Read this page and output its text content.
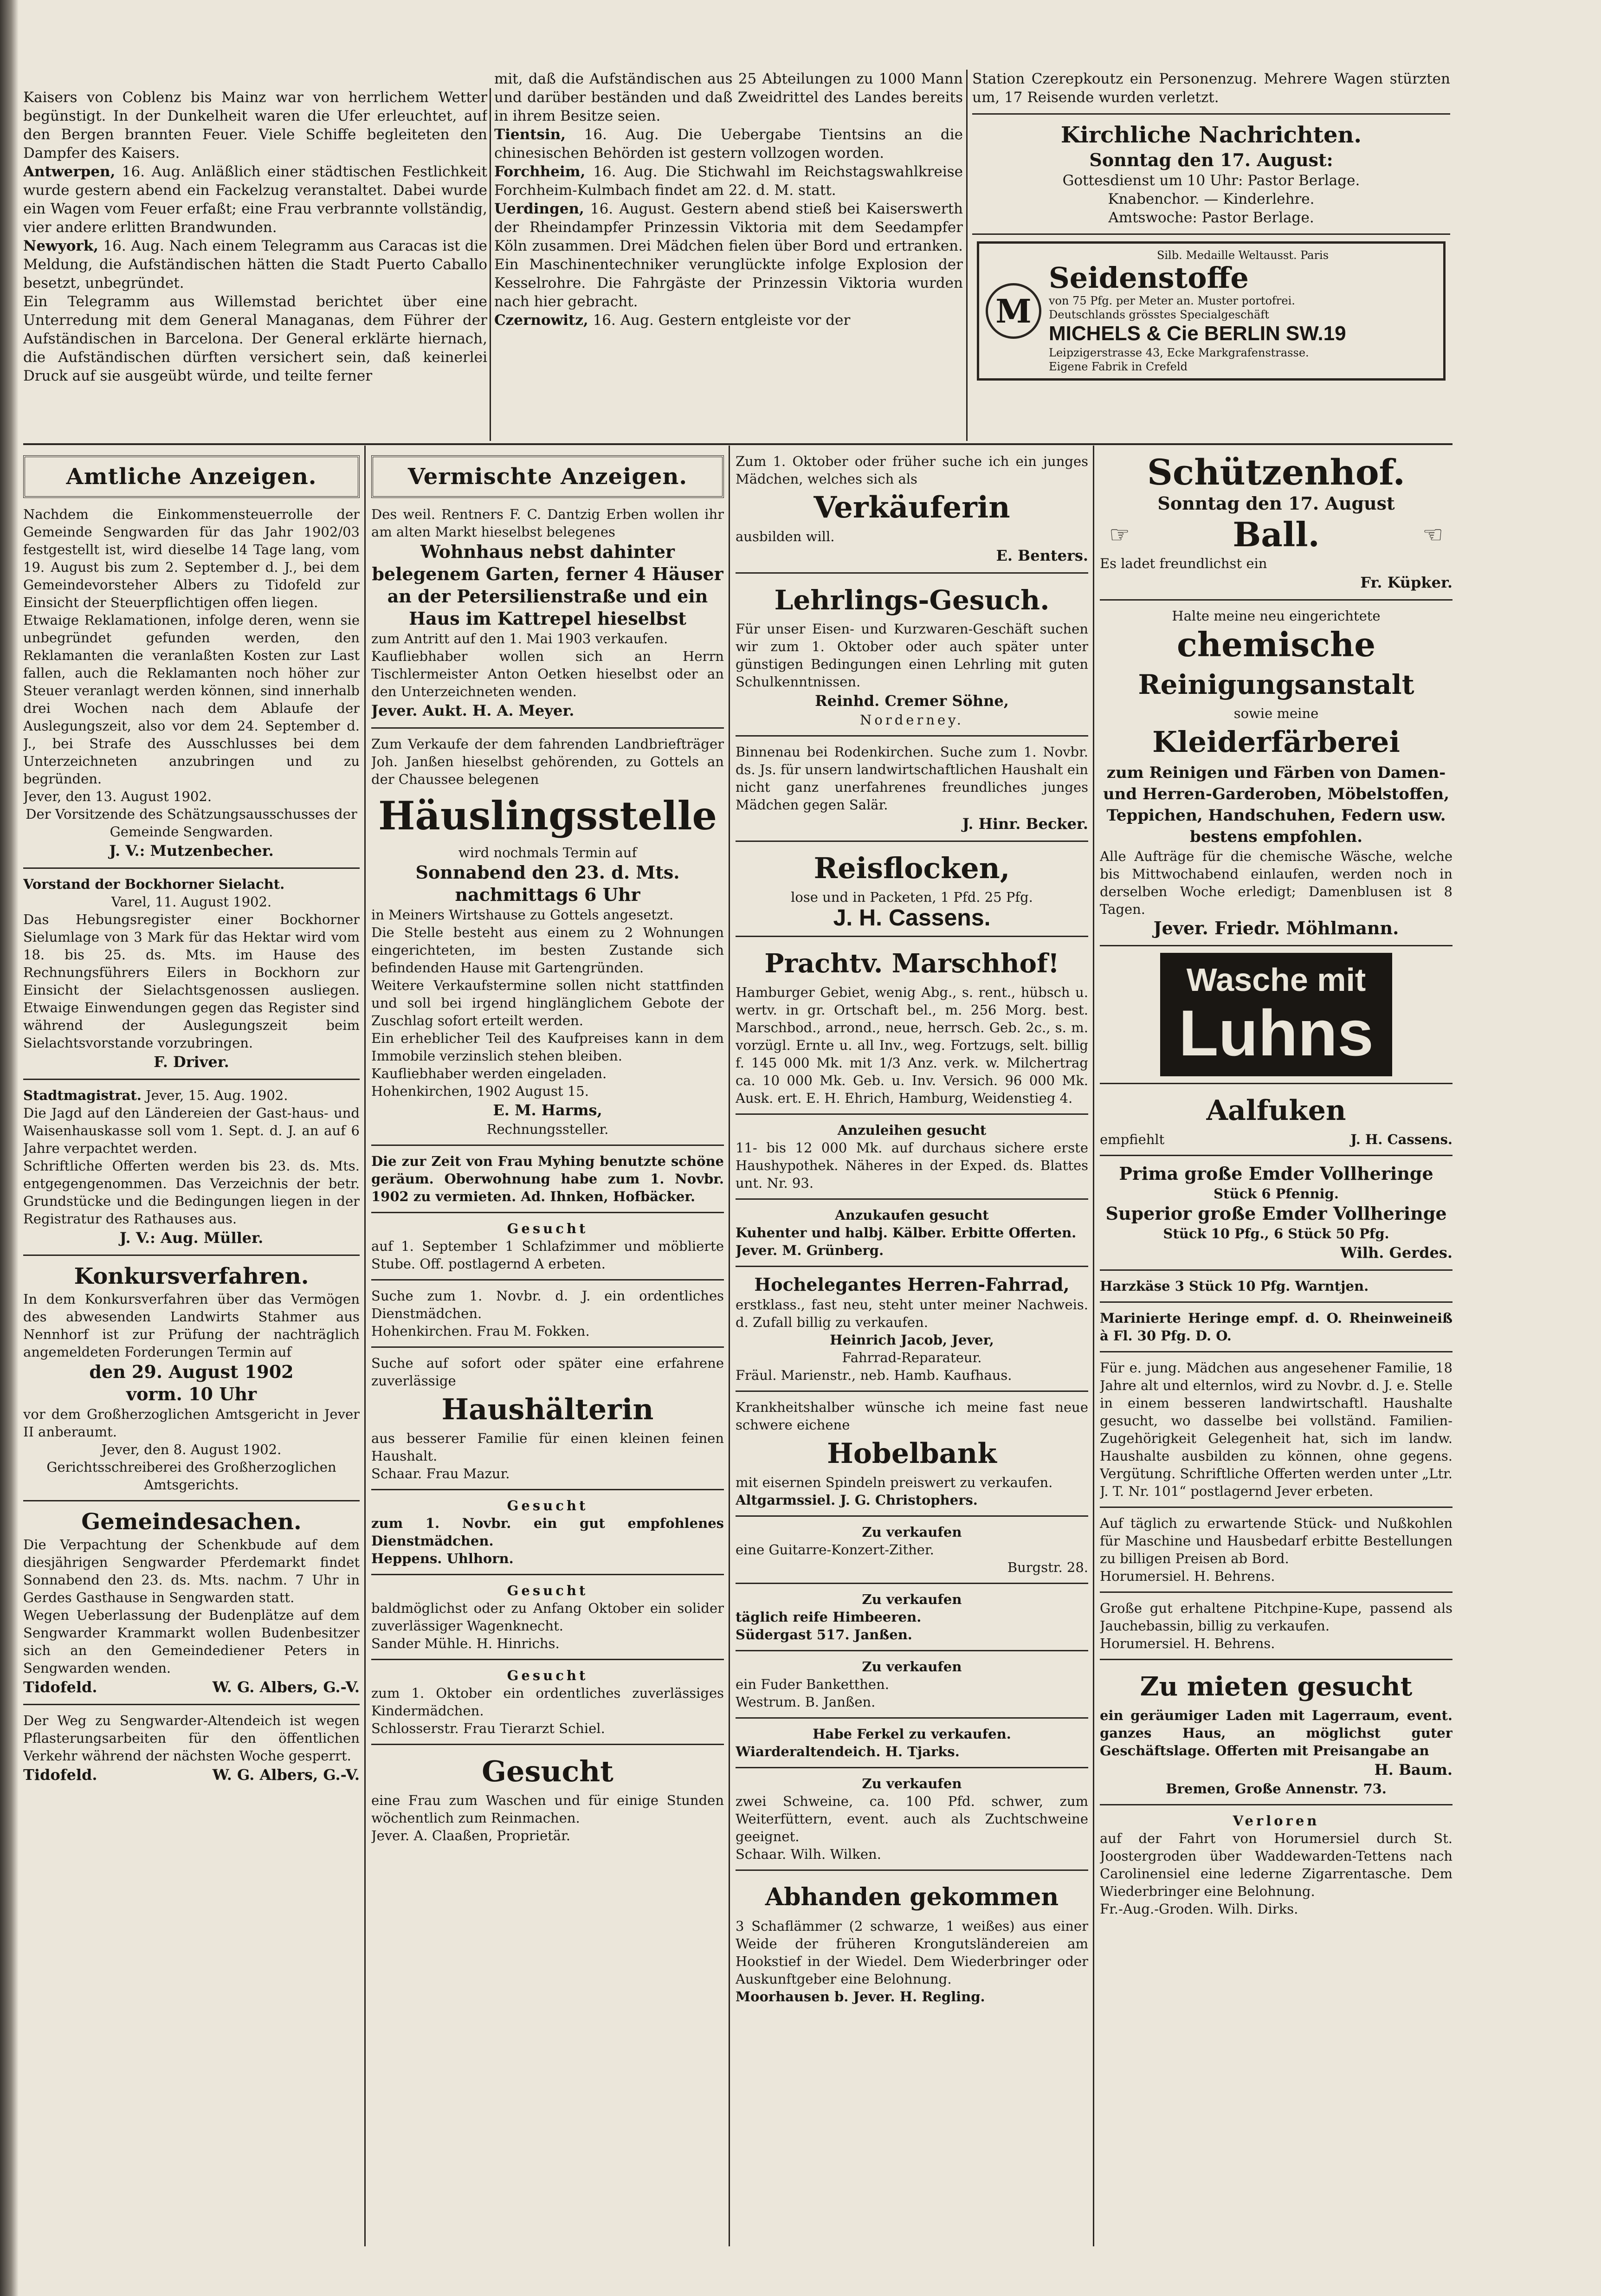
Kaisers von Coblenz bis Mainz war von herrlichem Wetter begünstigt. In der Dunkelheit waren die Ufer erleuchtet, auf den Bergen brannten Feuer. Viele Schiffe begleiteten den Dampfer des Kaisers.

Antwerpen, 16. Aug. Anläßlich einer städtischen Festlichkeit wurde gestern abend ein Fackelzug veranstaltet. Dabei wurde ein Wagen vom Feuer erfaßt; eine Frau verbrannte vollständig, vier andere erlitten Brandwunden.

Newyork, 16. Aug. Nach einem Telegramm aus Caracas ist die Meldung, die Aufständischen hätten die Stadt Puerto Caballo besetzt, unbegründet.

Ein Telegramm aus Willemstad berichtet über eine Unterredung mit dem General Managanas, dem Führer der Aufständischen in Barcelona. Der General erklärte hiernach, die Aufständischen dürften versichert sein, daß keinerlei Druck auf sie ausgeübt würde, und teilte ferner

mit, daß die Aufständischen aus 25 Abteilungen zu 1000 Mann und darüber beständen und daß Zweidrittel des Landes bereits in ihrem Besitze seien.

Tientsin, 16. Aug. Die Uebergabe Tientsins an die chinesischen Behörden ist gestern vollzogen worden.

Forchheim, 16. Aug. Die Stichwahl im Reichstagswahlkreise Forchheim-Kulmbach findet am 22. d. M. statt.

Uerdingen, 16. August. Gestern abend stieß bei Kaiserswerth der Rheindampfer Prinzessin Viktoria mit dem Seedampfer Köln zusammen. Drei Mädchen fielen über Bord und ertranken. Ein Maschinentechniker verunglückte infolge Explosion der Kesselrohre. Die Fahrgäste der Prinzessin Viktoria wurden nach hier gebracht.

Czernowitz, 16. Aug. Gestern entgleiste vor der

Station Czerepkoutz ein Personenzug. Mehrere Wagen stürzten um, 17 Reisende wurden verletzt.

Kirchliche Nachrichten.

Sonntag den 17. August:

Gottesdienst um 10 Uhr: Pastor Berlage.

Knabenchor. — Kinderlehre.

Amtswoche: Pastor Berlage.

M

Silb. Medaille Weltausst. Paris

Seidenstoffe

von 75 Pfg. per Meter an. Muster portofrei.

Deutschlands grösstes Specialgeschäft

MICHELS & Cie BERLIN SW.19

Leipzigerstrasse 43, Ecke Markgrafenstrasse.

Eigene Fabrik in Crefeld

Amtliche Anzeigen.

Nachdem die Einkommensteuerrolle der Gemeinde Sengwarden für das Jahr 1902/03 festgestellt ist, wird dieselbe 14 Tage lang, vom 19. August bis zum 2. September d. J., bei dem Gemeindevorsteher Albers zu Tidofeld zur Einsicht der Steuerpflichtigen offen liegen.

Etwaige Reklamationen, infolge deren, wenn sie unbegründet gefunden werden, den Reklamanten die veranlaßten Kosten zur Last fallen, auch die Reklamanten noch höher zur Steuer veranlagt werden können, sind innerhalb drei Wochen nach dem Ablaufe der Auslegungszeit, also vor dem 24. September d. J., bei Strafe des Ausschlusses bei dem Unterzeichneten anzubringen und zu begründen.

Jever, den 13. August 1902.

Der Vorsitzende des Schätzungsausschusses der Gemeinde Sengwarden.

J. V.: Mutzenbecher.

Vorstand der Bockhorner Sielacht.

Varel, 11. August 1902.

Das Hebungsregister einer Bockhorner Sielumlage von 3 Mark für das Hektar wird vom 18. bis 25. ds. Mts. im Hause des Rechnungsführers Eilers in Bockhorn zur Einsicht der Sielachtsgenossen ausliegen. Etwaige Einwendungen gegen das Register sind während der Auslegungszeit beim Sielachtsvorstande vorzubringen.

F. Driver.

Stadtmagistrat. Jever, 15. Aug. 1902.

Die Jagd auf den Ländereien der Gast-haus- und Waisenhauskasse soll vom 1. Sept. d. J. an auf 6 Jahre verpachtet werden.

Schriftliche Offerten werden bis 23. ds. Mts. entgegengenommen. Das Verzeichnis der betr. Grundstücke und die Bedingungen liegen in der Registratur des Rathauses aus.

J. V.: Aug. Müller.

Konkursverfahren.

In dem Konkursverfahren über das Vermögen des abwesenden Landwirts Stahmer aus Nennhorf ist zur Prüfung der nachträglich angemeldeten Forderungen Termin auf

den 29. August 1902

vorm. 10 Uhr

vor dem Großherzoglichen Amtsgericht in Jever II anberaumt.

Jever, den 8. August 1902.

Gerichtsschreiberei des Großherzoglichen Amtsgerichts.

Gemeindesachen.

Die Verpachtung der Schenkbude auf dem diesjährigen Sengwarder Pferdemarkt findet Sonnabend den 23. ds. Mts. nachm. 7 Uhr in Gerdes Gasthause in Sengwarden statt.

Wegen Ueberlassung der Budenplätze auf dem Sengwarder Krammarkt wollen Budenbesitzer sich an den Gemeindediener Peters in Sengwarden wenden.

Tidofeld.	W. G. Albers, G.-V.

Der Weg zu Sengwarder-Altendeich ist wegen Pflasterungsarbeiten für den öffentlichen Verkehr während der nächsten Woche gesperrt.

Tidofeld.	W. G. Albers, G.-V.
Vermischte Anzeigen.

Des weil. Rentners F. C. Dantzig Erben wollen ihr am alten Markt hieselbst belegenes

Wohnhaus nebst dahinter belegenem Garten, ferner 4 Häuser an der Petersilienstraße und ein Haus im Kattrepel hieselbst

zum Antritt auf den 1. Mai 1903 verkaufen.

Kaufliebhaber wollen sich an Herrn Tischlermeister Anton Oetken hieselbst oder an den Unterzeichneten wenden.

Jever. Aukt. H. A. Meyer.

Zum Verkaufe der dem fahrenden Landbriefträger Joh. Janßen hieselbst gehörenden, zu Gottels an der Chaussee belegenen

Häuslingsstelle

wird nochmals Termin auf

Sonnabend den 23. d. Mts. nachmittags 6 Uhr

in Meiners Wirtshause zu Gottels angesetzt.

Die Stelle besteht aus einem zu 2 Wohnungen eingerichteten, im besten Zustande sich befindenden Hause mit Gartengründen.

Weitere Verkaufstermine sollen nicht stattfinden und soll bei irgend hinglänglichem Gebote der Zuschlag sofort erteilt werden.

Ein erheblicher Teil des Kaufpreises kann in dem Immobile verzinslich stehen bleiben.

Kaufliebhaber werden eingeladen.

Hohenkirchen, 1902 August 15.

E. M. Harms,

Rechnungssteller.

Die zur Zeit von Frau Myhing benutzte schöne geräum. Oberwohnung habe zum 1. Novbr. 1902 zu vermieten. Ad. Ihnken, Hofbäcker.

Gesucht

auf 1. September 1 Schlafzimmer und möblierte Stube. Off. postlagernd A erbeten.

Suche zum 1. Novbr. d. J. ein ordentliches Dienstmädchen.

Hohenkirchen. Frau M. Fokken.

Suche auf sofort oder später eine erfahrene zuverlässige

Haushälterin

aus besserer Familie für einen kleinen feinen Haushalt.

Schaar. Frau Mazur.

Gesucht

zum 1. Novbr. ein gut empfohlenes Dienstmädchen.

Heppens. Uhlhorn.

Gesucht

baldmöglichst oder zu Anfang Oktober ein solider zuverlässiger Wagenknecht.

Sander Mühle. H. Hinrichs.

Gesucht

zum 1. Oktober ein ordentliches zuverlässiges Kindermädchen.

Schlosserstr. Frau Tierarzt Schiel.

Gesucht

eine Frau zum Waschen und für einige Stunden wöchentlich zum Reinmachen.

Jever. A. Claaßen, Proprietär.

Zum 1. Oktober oder früher suche ich ein junges Mädchen, welches sich als

Verkäuferin

ausbilden will.

E. Benters.

Lehrlings-Gesuch.

Für unser Eisen- und Kurzwaren-Geschäft suchen wir zum 1. Oktober oder auch später unter günstigen Bedingungen einen Lehrling mit guten Schulkenntnissen.

Reinhd. Cremer Söhne,

Norderney.

Binnenau bei Rodenkirchen. Suche zum 1. Novbr. ds. Js. für unsern landwirtschaftlichen Haushalt ein nicht ganz unerfahrenes freundliches junges Mädchen gegen Salär.

J. Hinr. Becker.

Reisflocken,

lose und in Packeten, 1 Pfd. 25 Pfg.

J. H. Cassens.

Prachtv. Marschhof!

Hamburger Gebiet, wenig Abg., s. rent., hübsch u. wertv. in gr. Ortschaft bel., m. 256 Morg. best. Marschbod., arrond., neue, herrsch. Geb. 2c., s. m. vorzügl. Ernte u. all Inv., weg. Fortzugs, selt. billig f. 145 000 Mk. mit 1/3 Anz. verk. w. Milchertrag ca. 10 000 Mk. Geb. u. Inv. Versich. 96 000 Mk. Ausk. ert. E. H. Ehrich, Hamburg, Weidenstieg 4.

Anzuleihen gesucht

11- bis 12 000 Mk. auf durchaus sichere erste Haushypothek. Näheres in der Exped. ds. Blattes unt. Nr. 93.

Anzukaufen gesucht

Kuhenter und halbj. Kälber. Erbitte Offerten.

Jever. M. Grünberg.

Hochelegantes Herren-Fahrrad,

erstklass., fast neu, steht unter meiner Nachweis. d. Zufall billig zu verkaufen.

Heinrich Jacob, Jever,

Fahrrad-Reparateur.

Fräul. Marienstr., neb. Hamb. Kaufhaus.

Krankheitshalber wünsche ich meine fast neue schwere eichene

Hobelbank

mit eisernen Spindeln preiswert zu verkaufen.

Altgarmssiel. J. G. Christophers.

Zu verkaufen

eine Guitarre-Konzert-Zither.

Burgstr. 28.

Zu verkaufen

täglich reife Himbeeren.

Südergast 517. Janßen.

Zu verkaufen

ein Fuder Banketthen.

Westrum. B. Janßen.

Habe Ferkel zu verkaufen.

Wiarderaltendeich. H. Tjarks.

Zu verkaufen

zwei Schweine, ca. 100 Pfd. schwer, zum Weiterfüttern, event. auch als Zuchtschweine geeignet.

Schaar. Wilh. Wilken.

Abhanden gekommen

3 Schaflämmer (2 schwarze, 1 weißes) aus einer Weide der früheren Krongutsländereien am Hookstief in der Wiedel. Dem Wiederbringer oder Auskunftgeber eine Belohnung.

Moorhausen b. Jever. H. Regling.

Schützenhof.

Sonntag den 17. August

☞	Ball.	☜

Es ladet freundlichst ein

Fr. Küpker.

Halte meine neu eingerichtete

chemische

Reinigungsanstalt

sowie meine

Kleiderfärberei

zum Reinigen und Färben von Damen- und Herren-Garderoben, Möbelstoffen, Teppichen, Handschuhen, Federn usw. bestens empfohlen.

Alle Aufträge für die chemische Wäsche, welche bis Mittwochabend einlaufen, werden noch in derselben Woche erledigt; Damenblusen ist 8 Tagen.

Jever. Friedr. Möhlmann.

Wasche mit
Luhns

Aalfuken

empfiehlt	J. H. Cassens.

Prima große Emder Vollheringe

Stück 6 Pfennig.

Superior große Emder Vollheringe

Stück 10 Pfg., 6 Stück 50 Pfg.

Wilh. Gerdes.

Harzkäse 3 Stück 10 Pfg. Warntjen.

Marinierte Heringe empf. d. O. Rheinweineiß à Fl. 30 Pfg. D. O.

Für e. jung. Mädchen aus angesehener Familie, 18 Jahre alt und elternlos, wird zu Novbr. d. J. e. Stelle in einem besseren landwirtschaftl. Haushalte gesucht, wo dasselbe bei vollständ. Familien-Zugehörigkeit Gelegenheit hat, sich im landw. Haushalte ausbilden zu können, ohne gegens. Vergütung. Schriftliche Offerten werden unter „Ltr. J. T. Nr. 101“ postlagernd Jever erbeten.

Auf täglich zu erwartende Stück- und Nußkohlen für Maschine und Hausbedarf erbitte Bestellungen zu billigen Preisen ab Bord.

Horumersiel. H. Behrens.

Große gut erhaltene Pitchpine-Kupe, passend als Jauchebassin, billig zu verkaufen.

Horumersiel. H. Behrens.

Zu mieten gesucht

ein geräumiger Laden mit Lagerraum, event. ganzes Haus, an möglichst guter Geschäftslage. Offerten mit Preisangabe an

H. Baum.

Bremen, Große Annenstr. 73.

Verloren

auf der Fahrt von Horumersiel durch St. Joostergroden über Waddewarden-Tettens nach Carolinensiel eine lederne Zigarrentasche. Dem Wiederbringer eine Belohnung.

Fr.-Aug.-Groden. Wilh. Dirks.
